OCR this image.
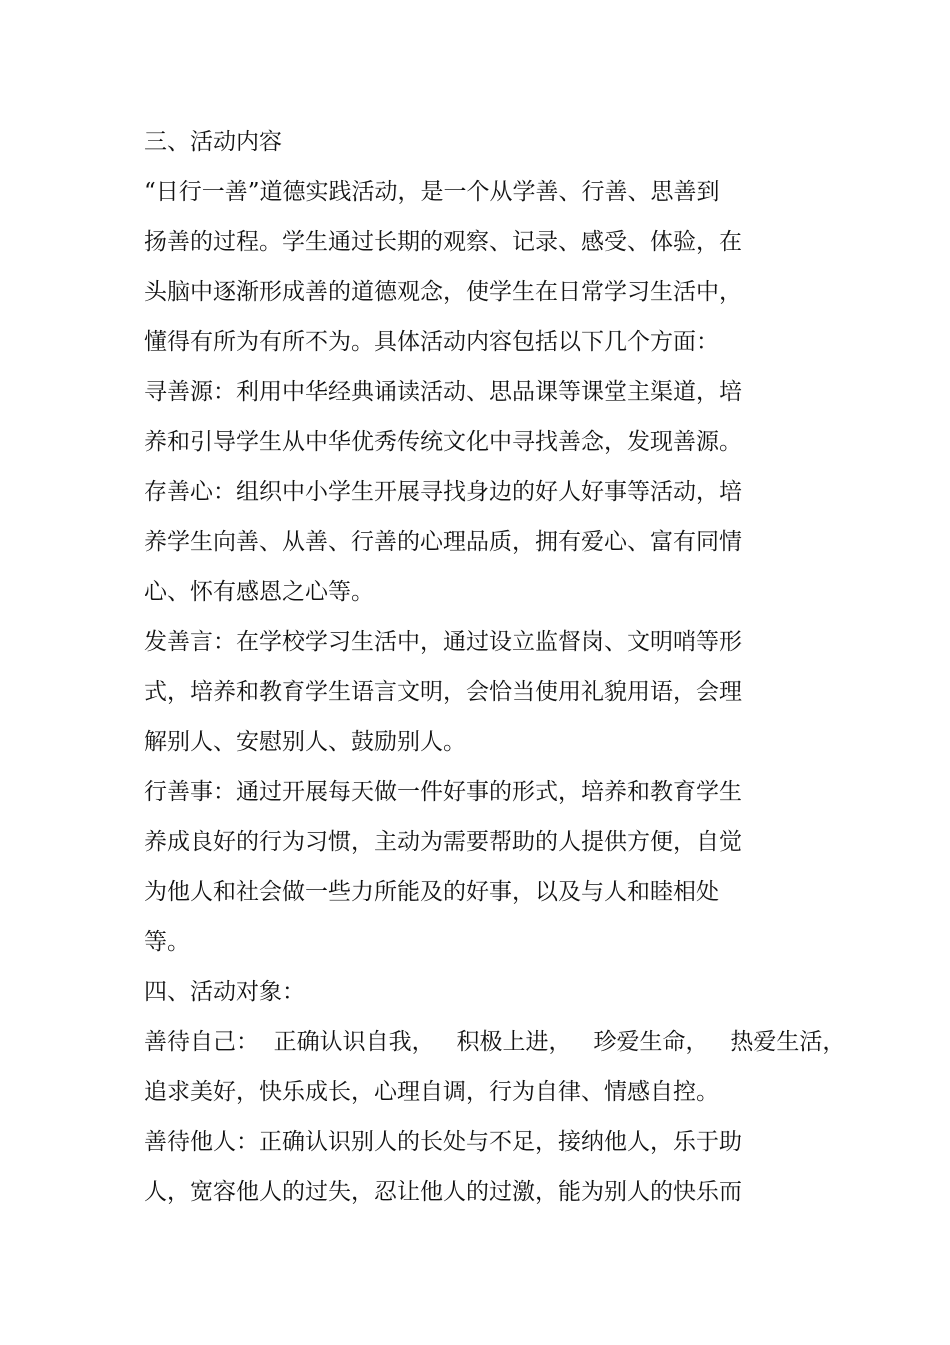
三、活动内容
“日行一善”道德实践活动，是一个从学善、行善、思善到
扬善的过程。学生通过长期的观察、记录、感受、体验，在
头脑中逐渐形成善的道德观念，使学生在日常学习生活中，
懂得有所为有所不为。具体活动内容包括以下几个方面：
寻善源：利用中华经典诵读活动、思品课等课堂主渠道，培
养和引导学生从中华优秀传统文化中寻找善念，发现善源。
存善心：组织中小学生开展寻找身边的好人好事等活动，培
养学生向善、从善、行善的心理品质，拥有爱心、富有同情
心、怀有感恩之心等。
发善言：在学校学习生活中，通过设立监督岗、文明哨等形
式，培养和教育学生语言文明，会恰当使用礼貌用语，会理
解别人、安慰别人、鼓励别人。
行善事：通过开展每天做一件好事的形式，培养和教育学生
养成良好的行为习惯，主动为需要帮助的人提供方便，自觉
为他人和社会做一些力所能及的好事，以及与人和睦相处
等。
四、活动对象：
善待自己：  正确认识自我，   积极上进，   珍爱生命，   热爱生活，
追求美好，快乐成长，心理自调，行为自律、情感自控。
善待他人：正确认识别人的长处与不足，接纳他人，乐于助
人，宽容他人的过失，忍让他人的过激，能为别人的快乐而
